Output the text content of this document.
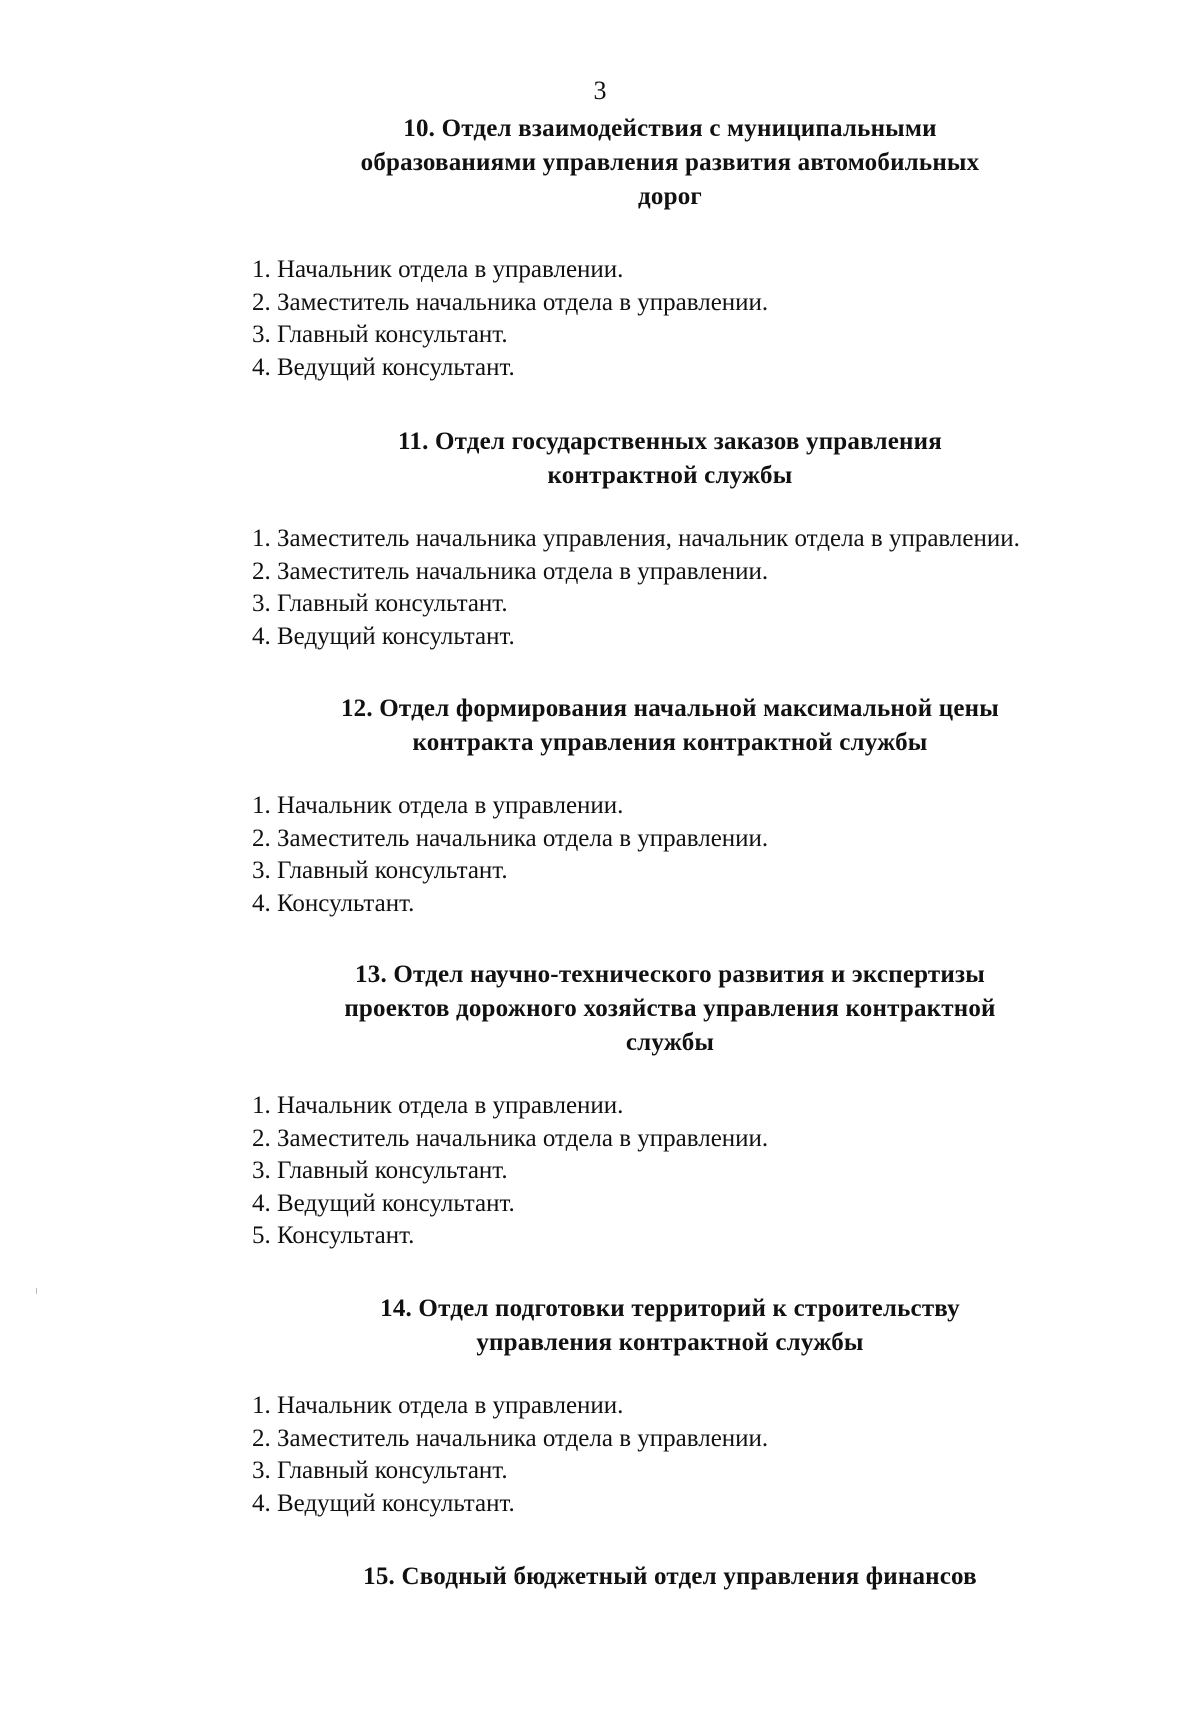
3
10. Отдел взаимодействия с муниципальными
образованиями управления развития автомобильных
дорог
1. Начальник отдела в управлении.
2. Заместитель начальника отдела в управлении.
3. Главный консультант.
4. Ведущий консультант.
11. Отдел государственных заказов управления
контрактной службы
1. Заместитель начальника управления, начальник отдела в управлении.
2. Заместитель начальника отдела в управлении.
3. Главный консультант.
4. Ведущий консультант.
12. Отдел формирования начальной максимальной цены
контракта управления контрактной службы
1. Начальник отдела в управлении.
2. Заместитель начальника отдела в управлении.
3. Главный консультант.
4. Консультант.
13. Отдел научно-технического развития и экспертизы
проектов дорожного хозяйства управления контрактной
службы
1. Начальник отдела в управлении.
2. Заместитель начальника отдела в управлении.
3. Главный консультант.
4. Ведущий консультант.
5. Консультант.
14. Отдел подготовки территорий к строительству
управления контрактной службы
1. Начальник отдела в управлении.
2. Заместитель начальника отдела в управлении.
3. Главный консультант.
4. Ведущий консультант.
15. Сводный бюджетный отдел управления финансов
